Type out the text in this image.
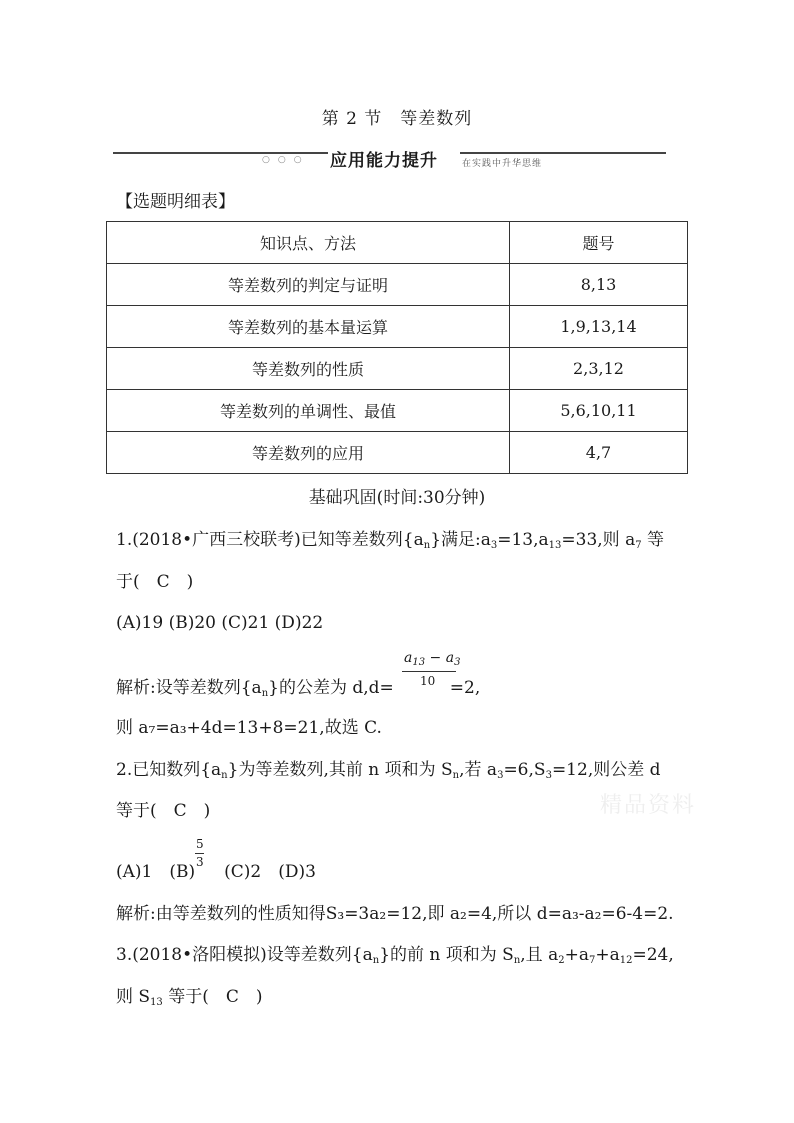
第 2 节　等差数列
○○○ 应用能力提升	在实践中升华思维
【选题明细表】
知识点、方法	题号
等差数列的判定与证明	8,13
等差数列的基本量运算	1,9,13,14
等差数列的性质	2,3,12
等差数列的单调性、最值	5,6,10,11
等差数列的应用	4,7
基础巩固(时间:30分钟)
1.(2018•广西三校联考)已知等差数列$\{a_n\}$满足$:a_3=13,a_{13}=33$,则 $a_7$ 等
于(　C　)
(A)19 (B)20 (C)21 (D)22
解析:设等差数列$\{a_n\}$的公差为 d,d=	=2,
$a_{13} - a_3$
10
则 a₇=a₃+4d=13+8=21,故选 C.
2.已知数列$\{a_n\}$为等差数列,其前 n 项和为 $S_n$,若 $a_3=6,S_3=12$,则公差 d
等于(　C　)	精品资料
(A)1　(B)　(C)2　(D)3
5
3
解析:由等差数列的性质知得S₃=3a₂=12,即 a₂=4,所以 d=a₃-a₂=6-4=2.
3.(2018•洛阳模拟)设等差数列$\{a_n\}$的前 n 项和为 $S_n$,且 $a_2+a_7+a_{12}=24$,
则 $S_{13}$ 等于(　C　)
